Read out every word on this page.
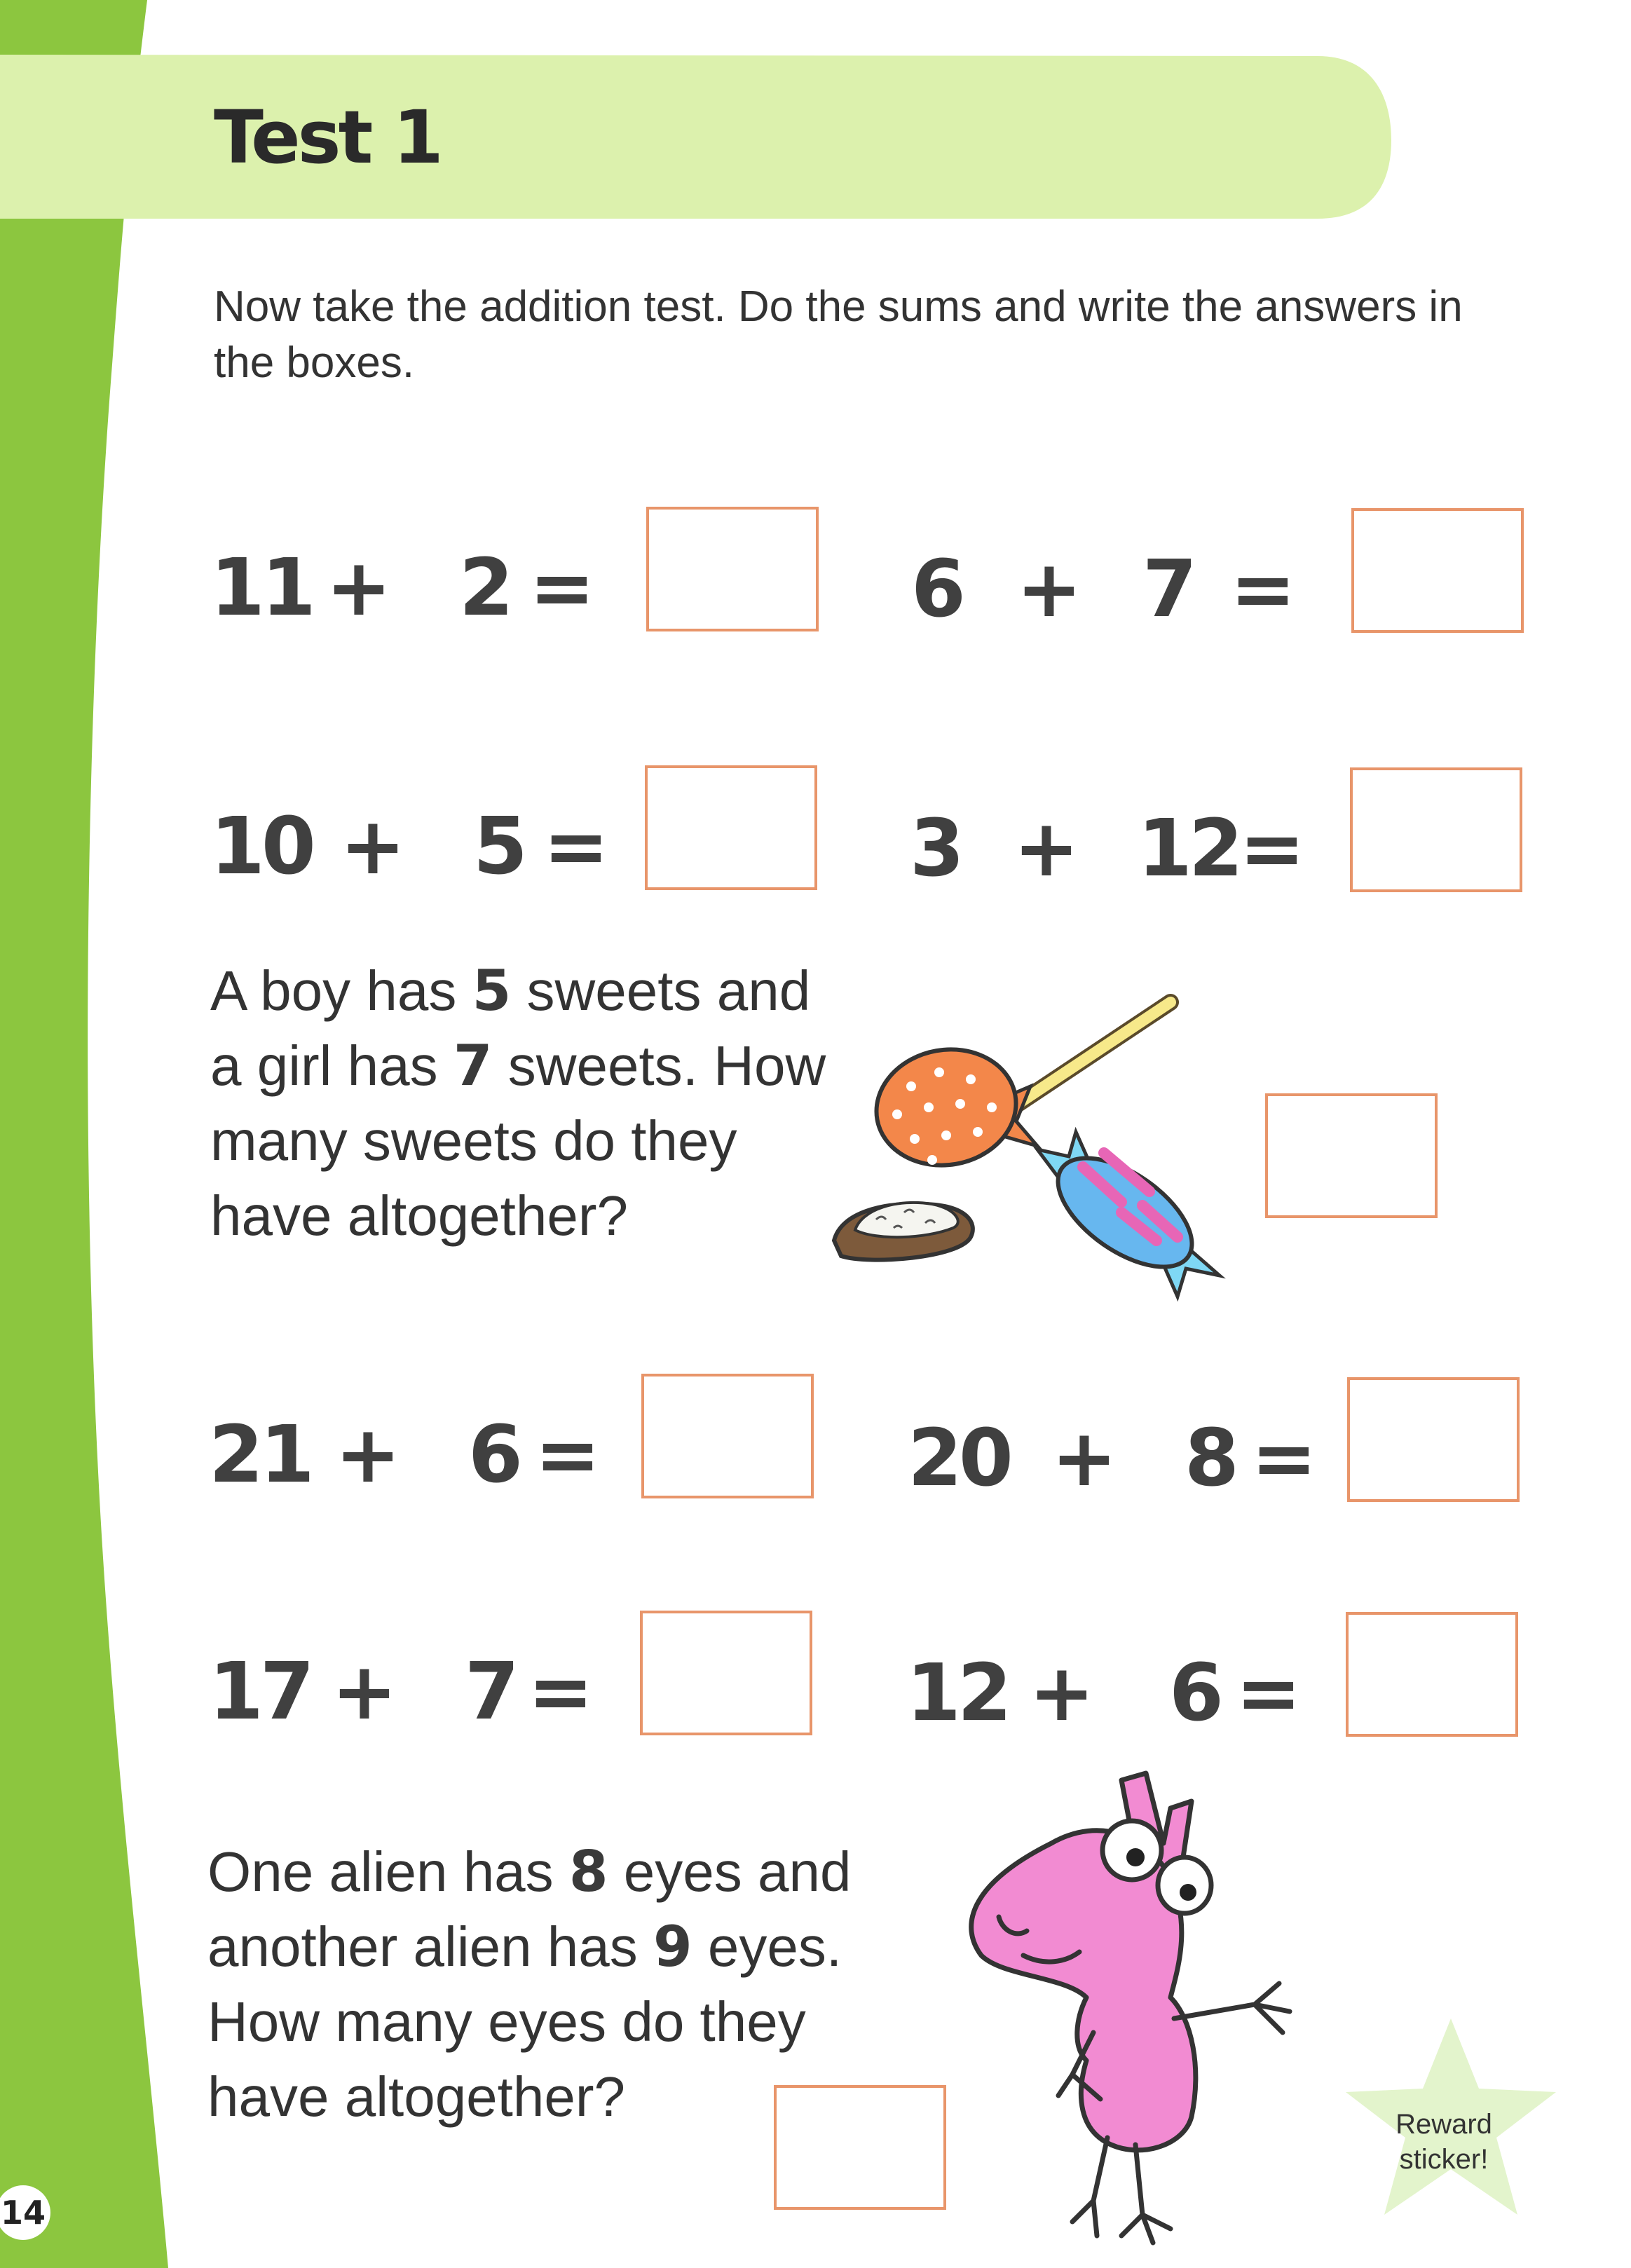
Test 1

Now take the addition test. Do the sums and write the answers in the boxes.

11 + 2 =	6 + 7 =
10 + 5 =	3 + 12 =
A boy has 5 sweets and
a girl has 7 sweets. How
many sweets do they
have altogether?
21 + 6 =	20 + 8 =
17 + 7 =	12 + 6 =
One alien has 8 eyes and
another alien has 9 eyes.
How many eyes do they
have altogether?	Reward
sticker!
14
